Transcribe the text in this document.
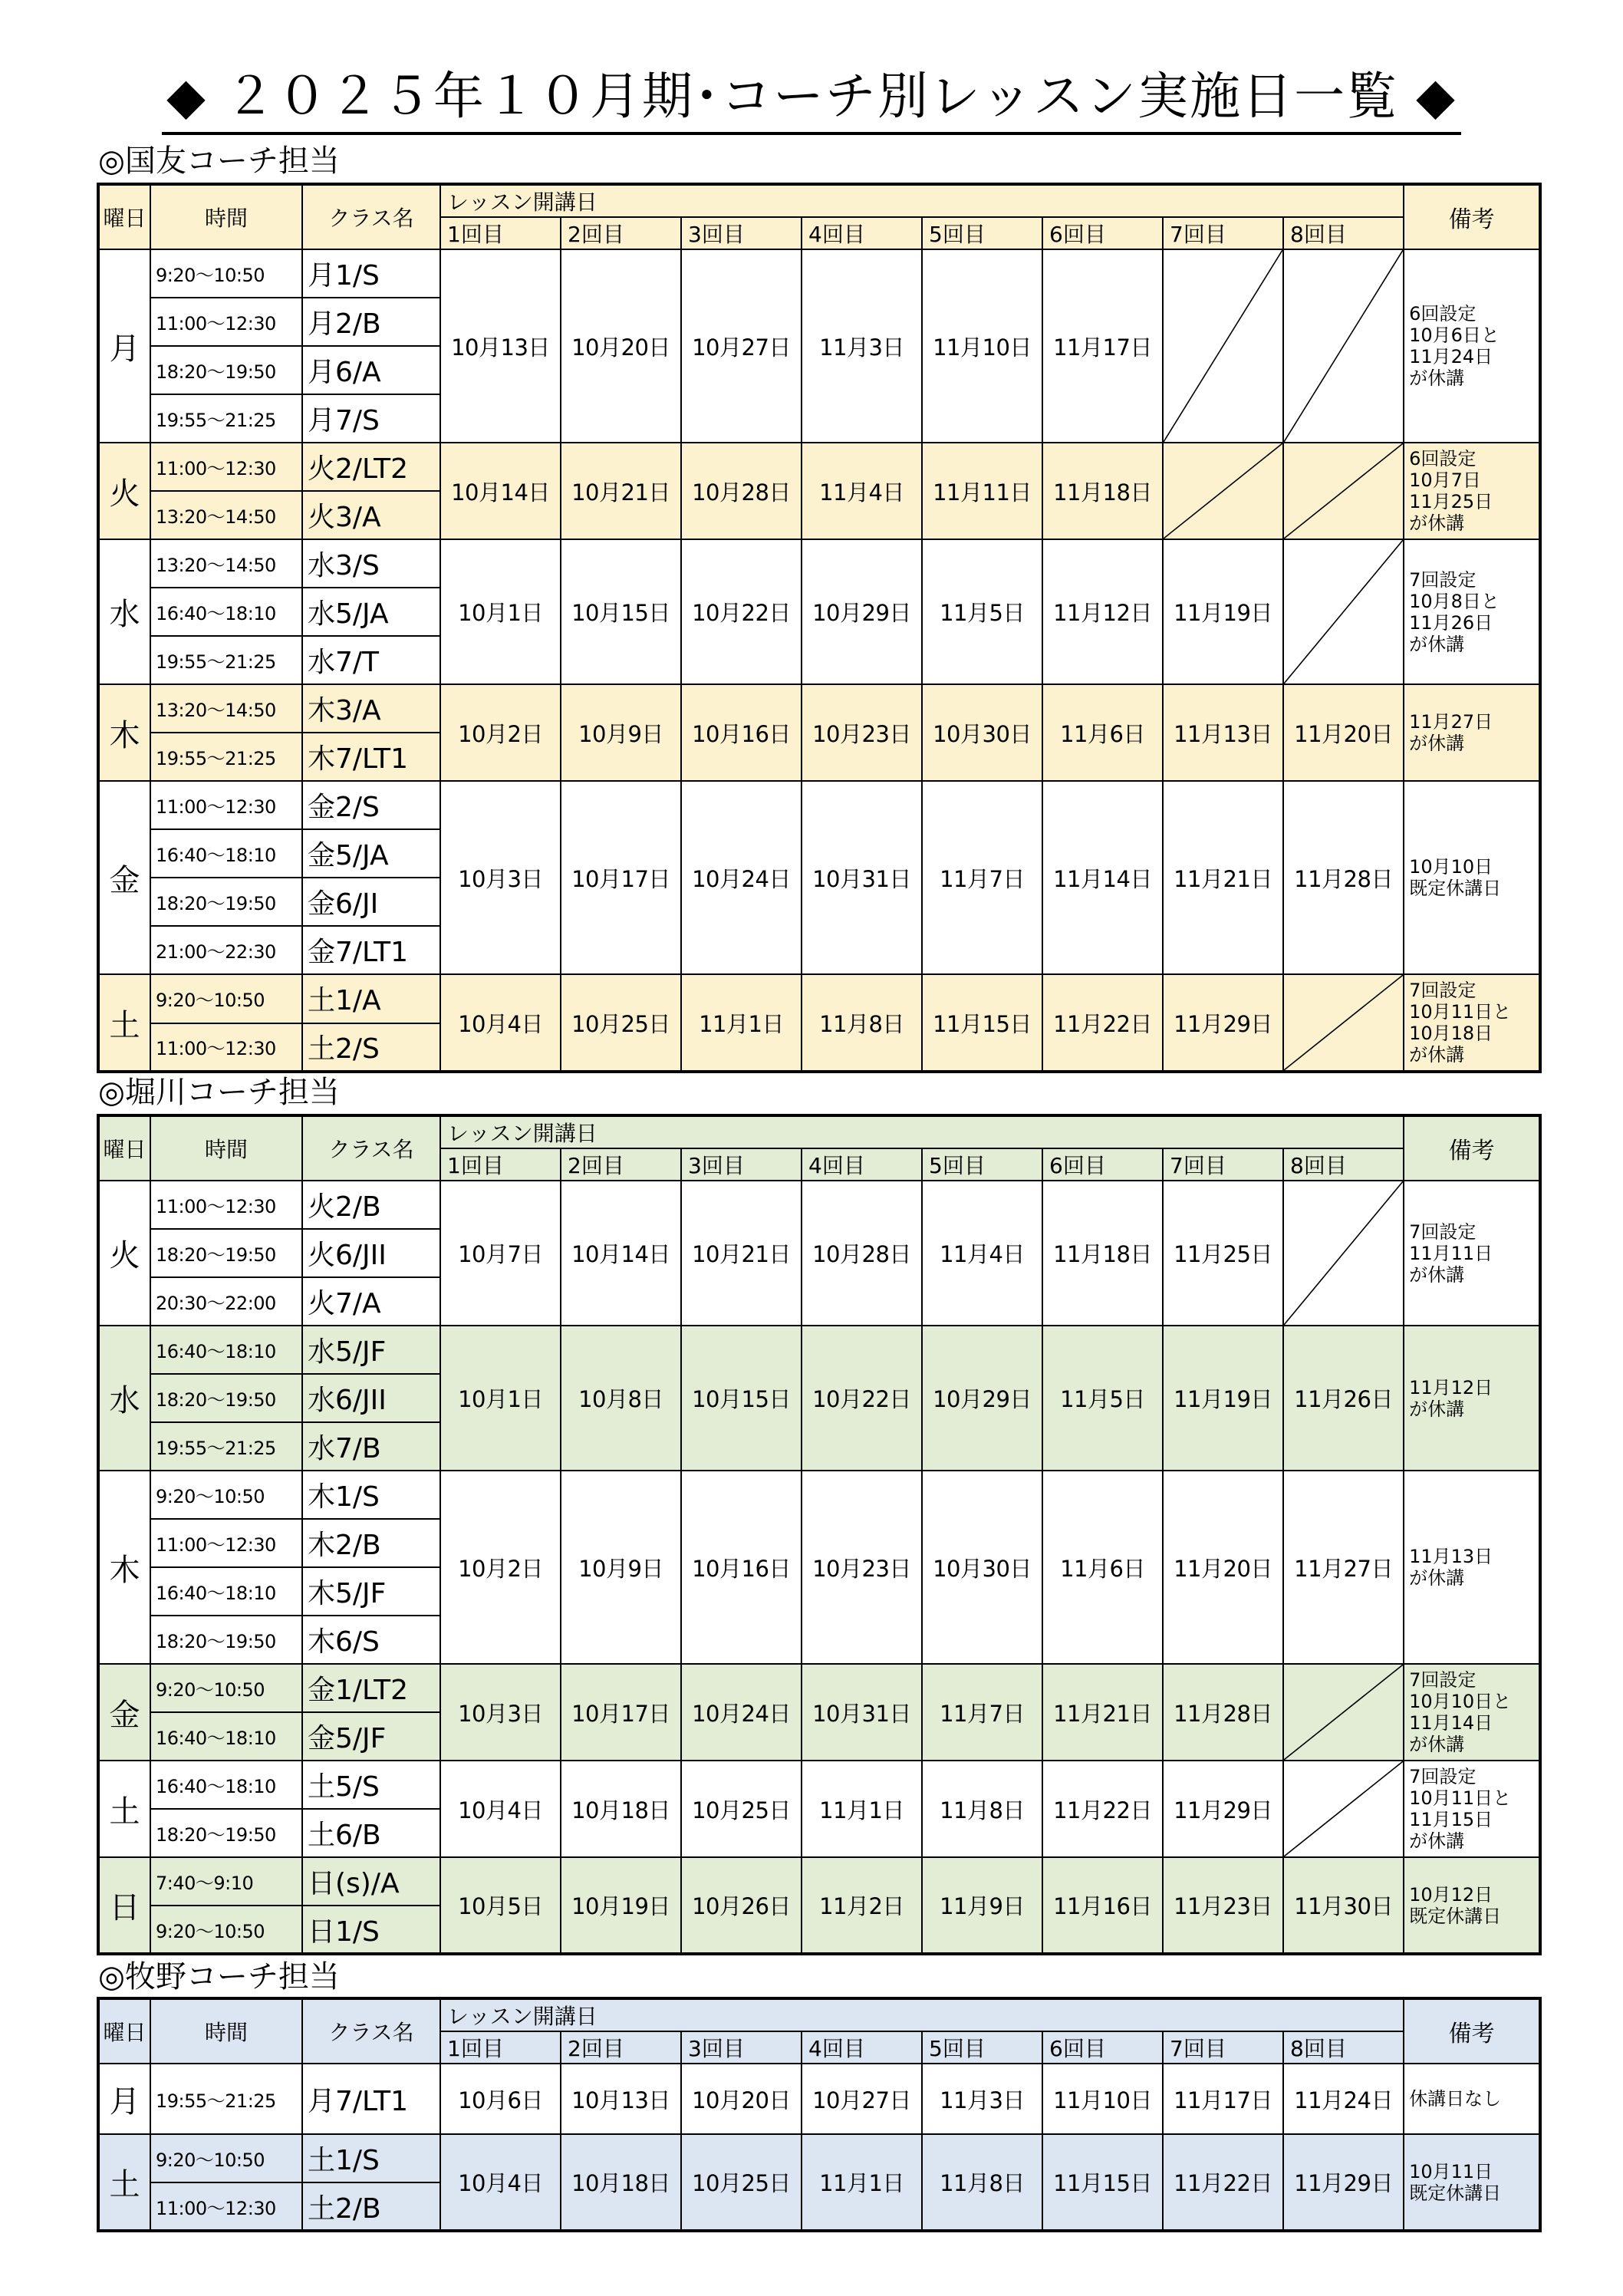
◆ ２０２５年１０月期･コーチ別レッスン実施日一覧 ◆
◎国友コーチ担当
曜日	時間	クラス名	レッスン開講日								備考
			1回目	2回目	3回目	4回目	5回目	6回目	7回目	8回目	
月	9:20～10:50	月1/S	10月13日	10月20日	10月27日	11月3日	11月10日	11月17日			6回設定
10月6日と
11月24日
が休講
	11:00～12:30	月2/B									
	18:20～19:50	月6/A									
	19:55～21:25	月7/S									
火	11:00～12:30	火2/LT2	10月14日	10月21日	10月28日	11月4日	11月11日	11月18日			6回設定
10月7日
11月25日
が休講
	13:20～14:50	火3/A									
水	13:20～14:50	水3/S	10月1日	10月15日	10月22日	10月29日	11月5日	11月12日	11月19日		7回設定
10月8日と
11月26日
が休講
	16:40～18:10	水5/JA									
	19:55～21:25	水7/T									
木	13:20～14:50	木3/A	10月2日	10月9日	10月16日	10月23日	10月30日	11月6日	11月13日	11月20日	11月27日
が休講
	19:55～21:25	木7/LT1									
金	11:00～12:30	金2/S	10月3日	10月17日	10月24日	10月31日	11月7日	11月14日	11月21日	11月28日	10月10日
既定休講日
	16:40～18:10	金5/JA									
	18:20～19:50	金6/JI									
	21:00～22:30	金7/LT1									
土	9:20～10:50	土1/A	10月4日	10月25日	11月1日	11月8日	11月15日	11月22日	11月29日		7回設定
10月11日と
10月18日
が休講
	11:00～12:30	土2/S									
◎堀川コーチ担当
曜日	時間	クラス名	レッスン開講日								備考
			1回目	2回目	3回目	4回目	5回目	6回目	7回目	8回目	
火	11:00～12:30	火2/B	10月7日	10月14日	10月21日	10月28日	11月4日	11月18日	11月25日		7回設定
11月11日
が休講
	18:20～19:50	火6/JII									
	20:30～22:00	火7/A									
水	16:40～18:10	水5/JF	10月1日	10月8日	10月15日	10月22日	10月29日	11月5日	11月19日	11月26日	11月12日
が休講
	18:20～19:50	水6/JII									
	19:55～21:25	水7/B									
木	9:20～10:50	木1/S	10月2日	10月9日	10月16日	10月23日	10月30日	11月6日	11月20日	11月27日	11月13日
が休講
	11:00～12:30	木2/B									
	16:40～18:10	木5/JF									
	18:20～19:50	木6/S									
金	9:20～10:50	金1/LT2	10月3日	10月17日	10月24日	10月31日	11月7日	11月21日	11月28日		7回設定
10月10日と
11月14日
が休講
	16:40～18:10	金5/JF									
土	16:40～18:10	土5/S	10月4日	10月18日	10月25日	11月1日	11月8日	11月22日	11月29日		7回設定
10月11日と
11月15日
が休講
	18:20～19:50	土6/B									
日	7:40～9:10	日(s)/A	10月5日	10月19日	10月26日	11月2日	11月9日	11月16日	11月23日	11月30日	10月12日
既定休講日
	9:20～10:50	日1/S									
◎牧野コーチ担当
曜日	時間	クラス名	レッスン開講日								備考
			1回目	2回目	3回目	4回目	5回目	6回目	7回目	8回目	
月	19:55～21:25	月7/LT1	10月6日	10月13日	10月20日	10月27日	11月3日	11月10日	11月17日	11月24日	休講日なし
土	9:20～10:50	土1/S	10月4日	10月18日	10月25日	11月1日	11月8日	11月15日	11月22日	11月29日	10月11日
既定休講日
	11:00～12:30	土2/B									
